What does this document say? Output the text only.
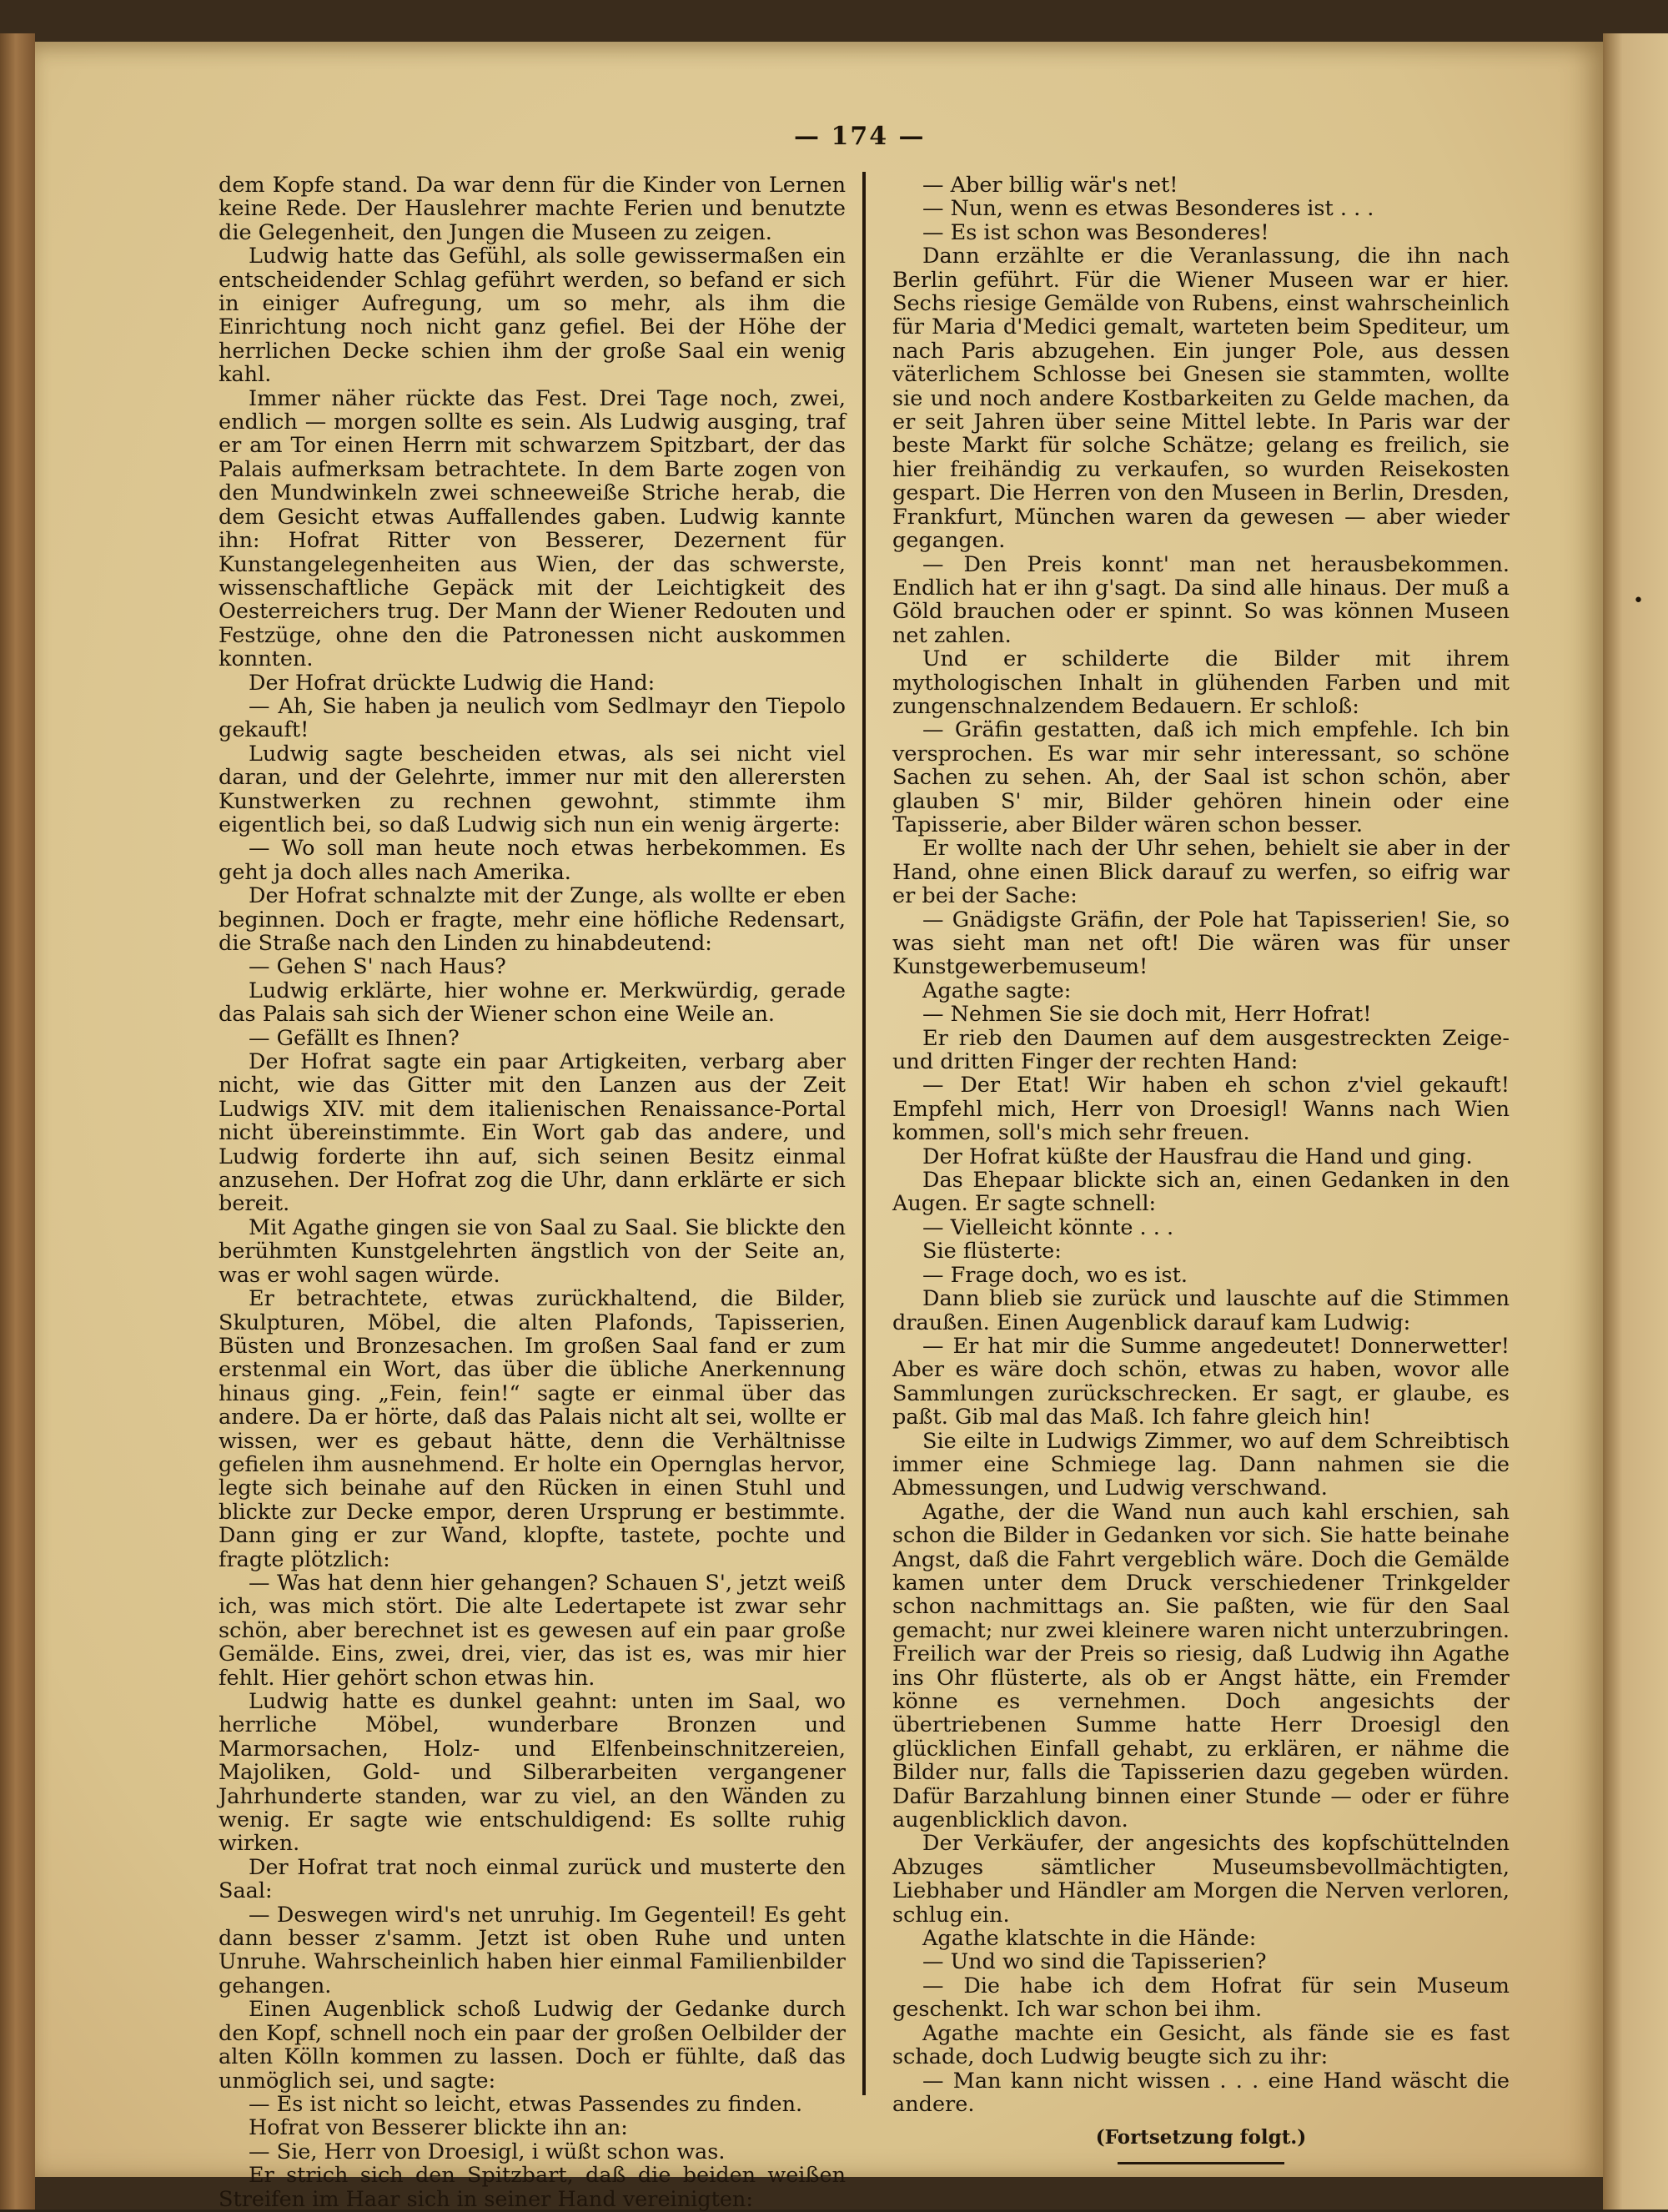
•
— 174 —

dem Kopfe stand. Da war denn für die Kinder von Lernen keine Rede. Der Hauslehrer machte Ferien und benutzte die Gelegenheit, den Jungen die Museen zu zeigen.

Ludwig hatte das Gefühl, als solle gewissermaßen ein entscheidender Schlag geführt werden, so befand er sich in einiger Aufregung, um so mehr, als ihm die Einrichtung noch nicht ganz gefiel. Bei der Höhe der herrlichen Decke schien ihm der große Saal ein wenig kahl.

Immer näher rückte das Fest. Drei Tage noch, zwei, endlich — morgen sollte es sein. Als Ludwig ausging, traf er am Tor einen Herrn mit schwarzem Spitzbart, der das Palais aufmerksam betrachtete. In dem Barte zogen von den Mundwinkeln zwei schneeweiße Striche herab, die dem Gesicht etwas Auffallendes gaben. Ludwig kannte ihn: Hofrat Ritter von Besserer, Dezernent für Kunstangelegenheiten aus Wien, der das schwerste, wissenschaftliche Gepäck mit der Leichtigkeit des Oesterreichers trug. Der Mann der Wiener Redouten und Festzüge, ohne den die Patronessen nicht auskommen konnten.

Der Hofrat drückte Ludwig die Hand:

— Ah, Sie haben ja neulich vom Sedlmayr den Tiepolo gekauft!

Ludwig sagte bescheiden etwas, als sei nicht viel daran, und der Gelehrte, immer nur mit den allerersten Kunstwerken zu rechnen gewohnt, stimmte ihm eigentlich bei, so daß Ludwig sich nun ein wenig ärgerte:

— Wo soll man heute noch etwas herbekommen. Es geht ja doch alles nach Amerika.

Der Hofrat schnalzte mit der Zunge, als wollte er eben beginnen. Doch er fragte, mehr eine höfliche Redensart, die Straße nach den Linden zu hinabdeutend:

— Gehen S' nach Haus?

Ludwig erklärte, hier wohne er. Merkwürdig, gerade das Palais sah sich der Wiener schon eine Weile an.

— Gefällt es Ihnen?

Der Hofrat sagte ein paar Artigkeiten, verbarg aber nicht, wie das Gitter mit den Lanzen aus der Zeit Ludwigs XIV. mit dem italienischen Renaissance-Portal nicht übereinstimmte. Ein Wort gab das andere, und Ludwig forderte ihn auf, sich seinen Besitz einmal anzusehen. Der Hofrat zog die Uhr, dann erklärte er sich bereit.

Mit Agathe gingen sie von Saal zu Saal. Sie blickte den berühmten Kunstgelehrten ängstlich von der Seite an, was er wohl sagen würde.

Er betrachtete, etwas zurückhaltend, die Bilder, Skulpturen, Möbel, die alten Plafonds, Tapisserien, Büsten und Bronzesachen. Im großen Saal fand er zum erstenmal ein Wort, das über die übliche Anerkennung hinaus ging. „Fein, fein!“ sagte er einmal über das andere. Da er hörte, daß das Palais nicht alt sei, wollte er wissen, wer es gebaut hätte, denn die Verhältnisse gefielen ihm ausnehmend. Er holte ein Opernglas hervor, legte sich beinahe auf den Rücken in einen Stuhl und blickte zur Decke empor, deren Ursprung er bestimmte. Dann ging er zur Wand, klopfte, tastete, pochte und fragte plötzlich:

— Was hat denn hier gehangen? Schauen S', jetzt weiß ich, was mich stört. Die alte Ledertapete ist zwar sehr schön, aber berechnet ist es gewesen auf ein paar große Gemälde. Eins, zwei, drei, vier, das ist es, was mir hier fehlt. Hier gehört schon etwas hin.

Ludwig hatte es dunkel geahnt: unten im Saal, wo herrliche Möbel, wunderbare Bronzen und Marmorsachen, Holz- und Elfenbeinschnitzereien, Majoliken, Gold- und Silberarbeiten vergangener Jahrhunderte standen, war zu viel, an den Wänden zu wenig. Er sagte wie entschuldigend: Es sollte ruhig wirken.

Der Hofrat trat noch einmal zurück und musterte den Saal:

— Deswegen wird's net unruhig. Im Gegenteil! Es geht dann besser z'samm. Jetzt ist oben Ruhe und unten Unruhe. Wahrscheinlich haben hier einmal Familienbilder gehangen.

Einen Augenblick schoß Ludwig der Gedanke durch den Kopf, schnell noch ein paar der großen Oelbilder der alten Kölln kommen zu lassen. Doch er fühlte, daß das unmöglich sei, und sagte:

— Es ist nicht so leicht, etwas Passendes zu finden.

Hofrat von Besserer blickte ihn an:

— Sie, Herr von Droesigl, i wüßt schon was.

Er strich sich den Spitzbart, daß die beiden weißen Streifen im Haar sich in seiner Hand vereinigten:

— Aber billig wär's net!

— Nun, wenn es etwas Besonderes ist . . .

— Es ist schon was Besonderes!

Dann erzählte er die Veranlassung, die ihn nach Berlin geführt. Für die Wiener Museen war er hier. Sechs riesige Gemälde von Rubens, einst wahrscheinlich für Maria d'Medici gemalt, warteten beim Spediteur, um nach Paris abzugehen. Ein junger Pole, aus dessen väterlichem Schlosse bei Gnesen sie stammten, wollte sie und noch andere Kostbarkeiten zu Gelde machen, da er seit Jahren über seine Mittel lebte. In Paris war der beste Markt für solche Schätze; gelang es freilich, sie hier freihändig zu verkaufen, so wurden Reisekosten gespart. Die Herren von den Museen in Berlin, Dresden, Frankfurt, München waren da gewesen — aber wieder gegangen.

— Den Preis konnt' man net herausbekommen. Endlich hat er ihn g'sagt. Da sind alle hinaus. Der muß a Göld brauchen oder er spinnt. So was können Museen net zahlen.

Und er schilderte die Bilder mit ihrem mythologischen Inhalt in glühenden Farben und mit zungenschnalzendem Bedauern. Er schloß:

— Gräfin gestatten, daß ich mich empfehle. Ich bin versprochen. Es war mir sehr interessant, so schöne Sachen zu sehen. Ah, der Saal ist schon schön, aber glauben S' mir, Bilder gehören hinein oder eine Tapisserie, aber Bilder wären schon besser.

Er wollte nach der Uhr sehen, behielt sie aber in der Hand, ohne einen Blick darauf zu werfen, so eifrig war er bei der Sache:

— Gnädigste Gräfin, der Pole hat Tapisserien! Sie, so was sieht man net oft! Die wären was für unser Kunstgewerbemuseum!

Agathe sagte:

— Nehmen Sie sie doch mit, Herr Hofrat!

Er rieb den Daumen auf dem ausgestreckten Zeige- und dritten Finger der rechten Hand:

— Der Etat! Wir haben eh schon z'viel gekauft! Empfehl mich, Herr von Droesigl! Wanns nach Wien kommen, soll's mich sehr freuen.

Der Hofrat küßte der Hausfrau die Hand und ging.

Das Ehepaar blickte sich an, einen Gedanken in den Augen. Er sagte schnell:

— Vielleicht könnte . . .

Sie flüsterte:

— Frage doch, wo es ist.

Dann blieb sie zurück und lauschte auf die Stimmen draußen. Einen Augenblick darauf kam Ludwig:

— Er hat mir die Summe angedeutet! Donnerwetter! Aber es wäre doch schön, etwas zu haben, wovor alle Sammlungen zurückschrecken. Er sagt, er glaube, es paßt. Gib mal das Maß. Ich fahre gleich hin!

Sie eilte in Ludwigs Zimmer, wo auf dem Schreibtisch immer eine Schmiege lag. Dann nahmen sie die Abmessungen, und Ludwig verschwand.

Agathe, der die Wand nun auch kahl erschien, sah schon die Bilder in Gedanken vor sich. Sie hatte beinahe Angst, daß die Fahrt vergeblich wäre. Doch die Gemälde kamen unter dem Druck verschiedener Trinkgelder schon nachmittags an. Sie paßten, wie für den Saal gemacht; nur zwei kleinere waren nicht unterzubringen. Freilich war der Preis so riesig, daß Ludwig ihn Agathe ins Ohr flüsterte, als ob er Angst hätte, ein Fremder könne es vernehmen. Doch angesichts der übertriebenen Summe hatte Herr Droesigl den glücklichen Einfall gehabt, zu erklären, er nähme die Bilder nur, falls die Tapisserien dazu gegeben würden. Dafür Barzahlung binnen einer Stunde — oder er führe augenblicklich davon.

Der Verkäufer, der angesichts des kopfschüttelnden Abzuges sämtlicher Museumsbevollmächtigten, Liebhaber und Händler am Morgen die Nerven verloren, schlug ein.

Agathe klatschte in die Hände:

— Und wo sind die Tapisserien?

— Die habe ich dem Hofrat für sein Museum geschenkt. Ich war schon bei ihm.

Agathe machte ein Gesicht, als fände sie es fast schade, doch Ludwig beugte sich zu ihr:

— Man kann nicht wissen . . . eine Hand wäscht die andere.

(Fortsetzung folgt.)
